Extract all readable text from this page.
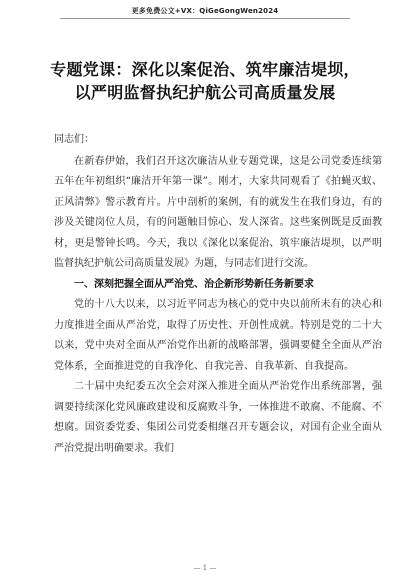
更多免费公文+VX：QiGeGongWen2024
专题党课：深化以案促治、筑牢廉洁堤坝，
以严明监督执纪护航公司高质量发展

同志们：

在新春伊始，我们召开这次廉洁从业专题党课，这是公司党委连续第五年在年初组织“廉洁开年第一课”。刚才，大家共同观看了《拍蝇灭蚁、正风清弊》警示教育片。片中剖析的案例，有的就发生在我们身边，有的涉及关键岗位人员，有的问题触目惊心、发人深省。这些案例既是反面教材，更是警钟长鸣。今天，我以《深化以案促治、筑牢廉洁堤坝，以严明监督执纪护航公司高质量发展》为题，与同志们进行交流。

一、深刻把握全面从严治党、治企新形势新任务新要求

党的十八大以来，以习近平同志为核心的党中央以前所未有的决心和力度推进全面从严治党，取得了历史性、开创性成就。特别是党的二十大以来，党中央对全面从严治党作出新的战略部署，强调要健全全面从严治党体系，全面推进党的自我净化、自我完善、自我革新、自我提高。

二十届中央纪委五次全会对深入推进全面从严治党作出系统部署，强调要持续深化党风廉政建设和反腐败斗争，一体推进不敢腐、不能腐、不想腐。国资委党委、集团公司党委相继召开专题会议，对国有企业全面从严治党提出明确要求。我们

— 1 —
